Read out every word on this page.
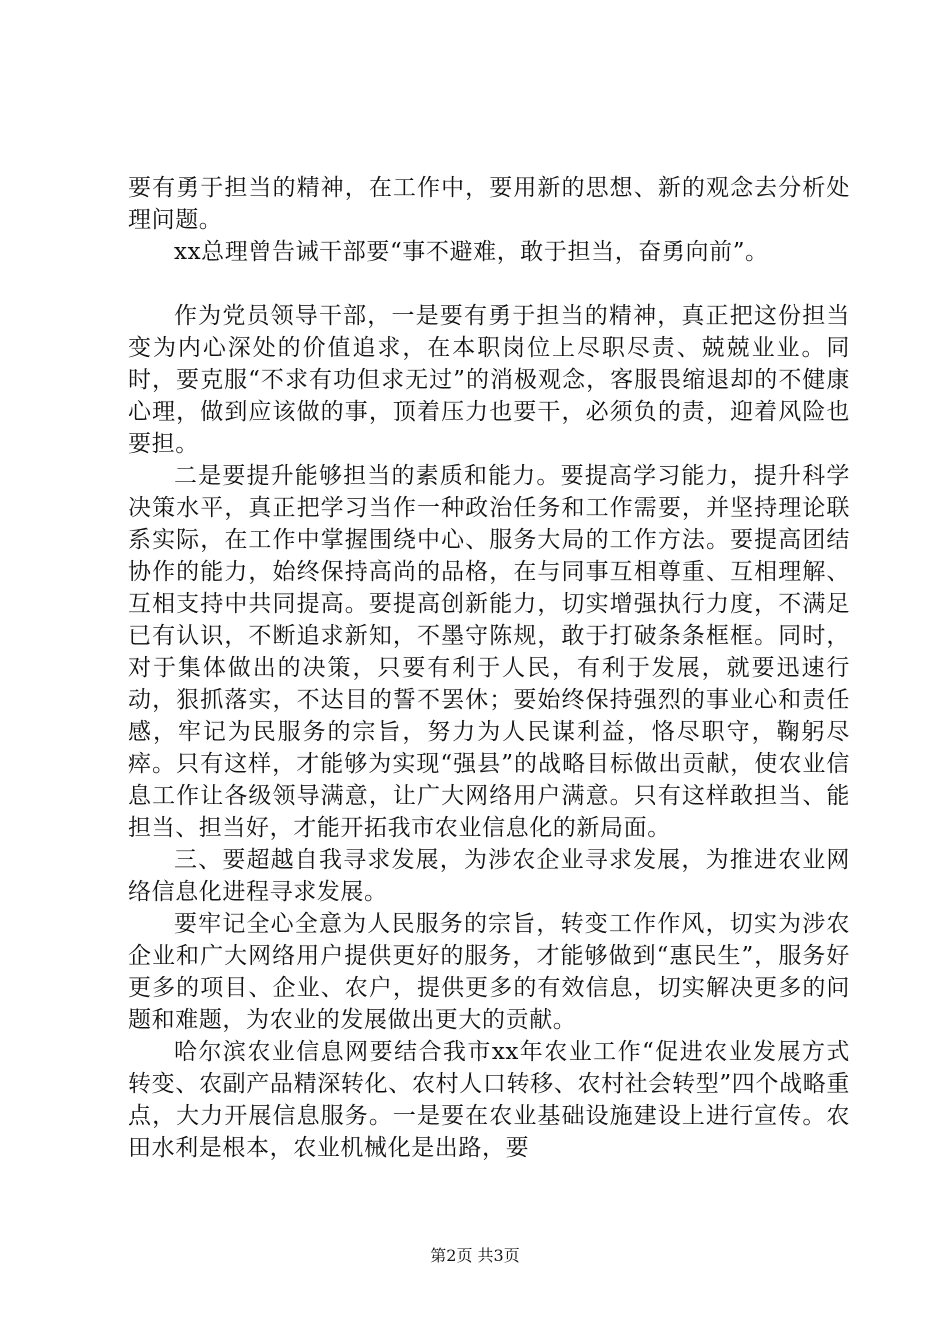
要有勇于担当的精神，在工作中，要用新的思想、新的观念去分析处理问题。

xx总理曾告诫干部要“事不避难，敢于担当，奋勇向前”。

作为党员领导干部，一是要有勇于担当的精神，真正把这份担当变为内心深处的价值追求，在本职岗位上尽职尽责、兢兢业业。同时，要克服“不求有功但求无过”的消极观念，客服畏缩退却的不健康心理，做到应该做的事，顶着压力也要干，必须负的责，迎着风险也要担。

二是要提升能够担当的素质和能力。要提高学习能力，提升科学决策水平，真正把学习当作一种政治任务和工作需要，并坚持理论联系实际，在工作中掌握围绕中心、服务大局的工作方法。要提高团结协作的能力，始终保持高尚的品格，在与同事互相尊重、互相理解、互相支持中共同提高。要提高创新能力，切实增强执行力度，不满足已有认识，不断追求新知，不墨守陈规，敢于打破条条框框。同时，对于集体做出的决策，只要有利于人民，有利于发展，就要迅速行动，狠抓落实，不达目的誓不罢休；要始终保持强烈的事业心和责任感，牢记为民服务的宗旨，努力为人民谋利益，恪尽职守，鞠躬尽瘁。只有这样，才能够为实现“强县”的战略目标做出贡献，使农业信息工作让各级领导满意，让广大网络用户满意。只有这样敢担当、能担当、担当好，才能开拓我市农业信息化的新局面。

三、要超越自我寻求发展，为涉农企业寻求发展，为推进农业网络信息化进程寻求发展。

要牢记全心全意为人民服务的宗旨，转变工作作风，切实为涉农企业和广大网络用户提供更好的服务，才能够做到“惠民生”，服务好更多的项目、企业、农户，提供更多的有效信息，切实解决更多的问题和难题，为农业的发展做出更大的贡献。

哈尔滨农业信息网要结合我市xx年农业工作“促进农业发展方式转变、农副产品精深转化、农村人口转移、农村社会转型”四个战略重点，大力开展信息服务。一是要在农业基础设施建设上进行宣传。农田水利是根本，农业机械化是出路，要

第2页 共3页
